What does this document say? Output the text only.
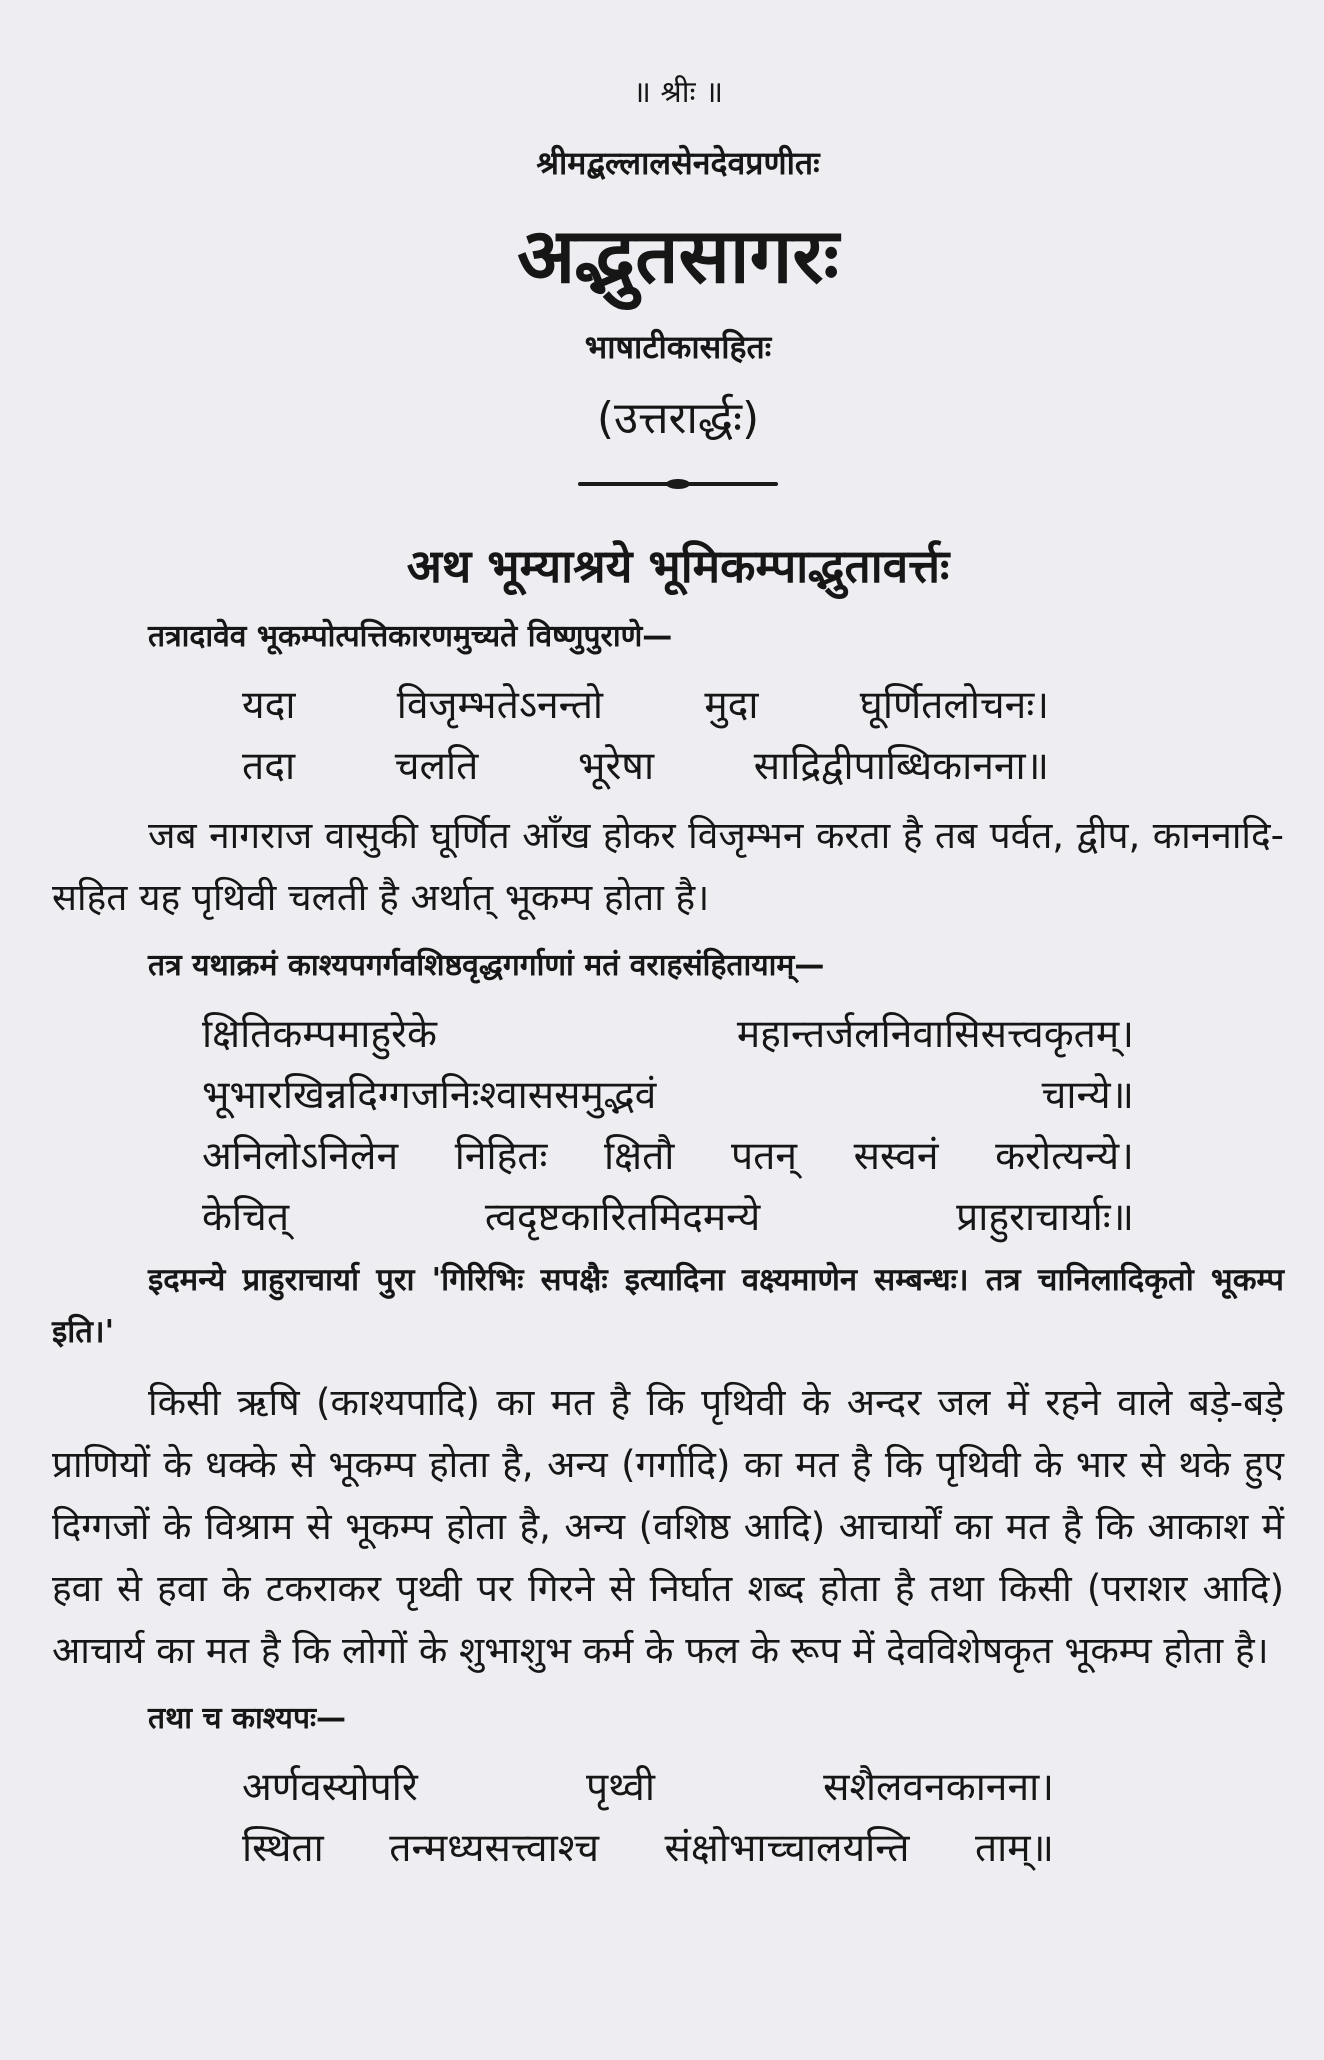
॥ श्रीः ॥
श्रीमद्बल्लालसेनदेवप्रणीतः
अद्भुतसागरः
भाषाटीकासहितः
(उत्तरार्द्धः)
अथ भूम्याश्रये भूमिकम्पाद्भुतावर्त्तः
तत्रादावेव भूकम्पोत्पत्तिकारणमुच्यते विष्णुपुराणे—
यदा	विजृम्भतेऽनन्तो	मुदा	घूर्णितलोचनः।
तदा	चलति	भूरेषा	साद्रिद्वीपाब्धिकानना॥

जब नागराज वासुकी घूर्णित आँख होकर विजृम्भन करता है तब पर्वत, द्वीप, काननादि-सहित यह पृथिवी चलती है अर्थात् भूकम्प होता है।

तत्र यथाक्रमं काश्यपगर्गवशिष्ठवृद्धगर्गाणां मतं वराहसंहितायाम्—
क्षितिकम्पमाहुरेके	महान्तर्जलनिवासिसत्त्वकृतम्।
भूभारखिन्नदिग्गजनिःश्वाससमुद्भवं	चान्ये॥
अनिलोऽनिलेन निहितः क्षितौ पतन् सस्वनं करोत्यन्ये।
केचित्	त्वदृष्टकारितमिदमन्ये	प्राहुराचार्याः॥

इदमन्ये प्राहुराचार्या पुरा 'गिरिभिः सपक्षैः इत्यादिना वक्ष्यमाणेन सम्बन्धः। तत्र चानिलादिकृतो भूकम्प इति।'

किसी ऋषि (काश्यपादि) का मत है कि पृथिवी के अन्दर जल में रहने वाले बड़े-बड़े प्राणियों के धक्के से भूकम्प होता है, अन्य (गर्गादि) का मत है कि पृथिवी के भार से थके हुए दिग्गजों के विश्राम से भूकम्प होता है, अन्य (वशिष्ठ आदि) आचार्यों का मत है कि आकाश में हवा से हवा के टकराकर पृथ्वी पर गिरने से निर्घात शब्द होता है तथा किसी (पराशर आदि) आचार्य का मत है कि लोगों के शुभाशुभ कर्म के फल के रूप में देवविशेषकृत भूकम्प होता है।

तथा च काश्यपः—
अर्णवस्योपरि	पृथ्वी	सशैलवनकानना।
स्थिता तन्मध्यसत्त्वाश्च संक्षोभाच्चालयन्ति ताम्॥
